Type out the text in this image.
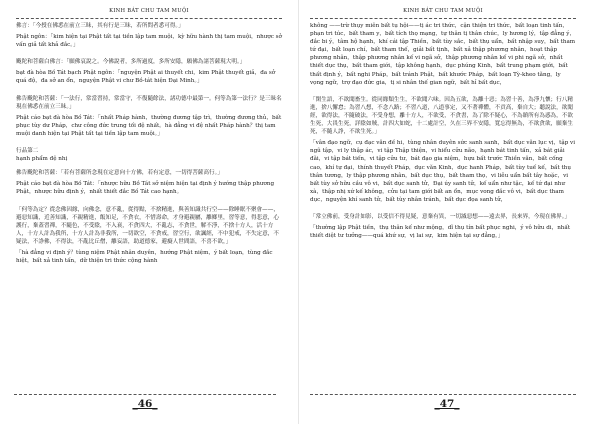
KINH BÁT CHU TAM MUỘI

佛言：「今授在佛悉在前立三昧，其有行是三昧，若所問者悉可得。」

Phật ngôn：「kim hiện tại Phật tất tại tiền lập tam muội，kỳ hữu hành thị tam muội，nhược sở vấn giả tất khả đắc。」

颰陀和菩薩白佛言：「願佛哀說之。今佛說者，多所過度，多所安隱，願佛為諸菩薩現大明。」

bạt đà hòa Bồ Tát bạch Phật ngôn：「nguyện Phật ai thuyết chi，kim Phật thuyết giả，đa sở quá độ，đa sở an ổn，nguyện Phật vi chư Bồ-tát hiện Đại Minh。」

佛告颰陀和菩薩：「一法行，常當習持，常當守，不復隨餘法，諸功德中最第一。何等為第一法行？是三昧名現在佛悉在前立三昧。」

Phật cáo bạt đà hòa Bồ Tát：「nhất Pháp hành，thường đương tập trì，thường đương thủ，bất phục tùy dư Pháp，chư công đức trung tối đệ nhất。hà đẳng vi đệ nhất Pháp hành？thị tam muội danh hiện tại Phật tất tại tiền lập tam muội。」

行品第二

hạnh phẩm đệ nhị

佛告颰陀和菩薩：「若有菩薩所念現在定意向十方佛，若有定意，一切得菩薩高行。」

Phật cáo bạt đà hòa Bồ Tát：「nhược hữu Bồ Tát sở niệm hiện tại định ý hướng thập phương Phật，nhược hữu định ý，nhất thiết đắc Bồ Tát cao hạnh。

「何等為定？從念佛因緣，向佛念，意不亂，從得黠，不捨精進，與善知識共行空——除睡眠不聚會——，避惡知識，近善知識，不親精進，飯知足，不貪衣，不惜壽命，才身避親屬，離鄉里，習等意，得悲意，心護行，棄蓋習禪，不隨色，不受陰，不入衰，不貪四大，不亂志，不貪世，解不淨，不捨十方人，活十方人，十方人計為我所，十方人計為非我所，一切欲空，不貪戒，習空行，欲諷經，不中犯戒，不失定意，不疑法，不諍佛，不得法，不亂比丘僧，離妄語，助道德家，避癡人世間語，不喜不欲，」

「hà đẳng vi định ý？tùng niệm Phật nhân duyên，hướng Phật niệm，ý bất loạn，tùng đắc hiệt，bất xả tinh tấn，dữ thiện tri thức cộng hành

_46_
KINH BÁT CHU TAM MUỘI

không ——trừ thụy miên bất tụ hội——tị ác tri thức，cận thiện tri thức，bất loạn tinh tấn，phạn tri túc，bất tham y，bất tích thọ mạng，tự thân tị thân chúc，ly hương lý，tập đẳng ý，đắc bi ý，tâm hộ hạnh，khí cái tập Thiền，bất tùy sắc，bất thụ uẩn，bất nhập suy，bất tham tứ đại，bất loạn chí，bất tham thế，giải bất tịnh，bất xả thập phương nhân，hoạt thập phương nhân，thập phương nhân kế vi ngã sở，thập phương nhân kế vi phi ngã sở，nhất thiết dục thụ，bất tham giới，tập không hạnh，dục phúng Kinh，bất trung phạm giới，bất thất định ý，bất nghi Pháp，bất tránh Phật，bất khước Pháp，bất loạn Tỳ-kheo tăng，ly vọng ngữ，trợ đạo đức gia，tị si nhân thế gian ngữ，bất hỉ bất dục，

「閑生語，不欲聞畜生。從同緣類生生，不欲聞六味。因為五欲，為離十惡；為習十善，為淨九懷；行八精進，捨八懈怠；為習八想，不念八路；不習八道，八道事定，又不著禪體，不貢高，棄自大；聽說法，欲聞經，欲得法，不隨破法，不受身想，離十方人，不欲受，不貪書，為了除不疑心，不為瞋所有為惑為，不欲生死，大畏生死，詳陰如賊，計四大如蛇，十二處計空，久在三界不安隱，寬忘得無為，不欲貪欲，願棄生死，不隨人諍，不欲生死。」

「vân đạo ngữ，cụ đạc văn đề hi，tùng nhân duyên sức sanh sanh，bất dục văn lục vị，tập vi ngũ tập，vi ly thập ác，vi tập Thập thiện，vi hiểu cửu não，hạnh bát tinh tấn，xả bát giải đãi，vi tập bát tiến，vi tập cửu tư，bát đạo gia niệm，hựu bất trước Thiền văn，bất cống cao，khí tự đại，thính thuyết Pháp，dục văn Kinh，dục hanh Pháp，bất tùy tuế kế，bất thụ thân tương，ly thập phương nhân，bất dục thụ，bất tham thọ，vi liễu uẩn bất tây hoặc，vi bất tùy sở hữu cầu vô vi，bất dục sanh tử，Đại úy sanh tử，kế uẩn như tặc，kế tứ đại như xà，thập nhị xứ kế không，cửu tại tam giới bất an ổn，mục vong đắc vô vi，bất dục tham dục，nguyện khí sanh tử，bất tùy nhân tránh，bất dục đọa sanh tử，

「常立佛前，受身計如影，以受信不得見疑，意棄有異，一切滅惡想——遠去界，長來界，今現在佛界。」

「thường lập Phật tiền，thụ thân kế như mộng，dĩ thụ tín bất phục nghi，ý vô hữu di，nhất thiết diệt tư tưởng——quá khứ sự，vị lai sự，kim hiện tại sự đẳng，」

_47_
